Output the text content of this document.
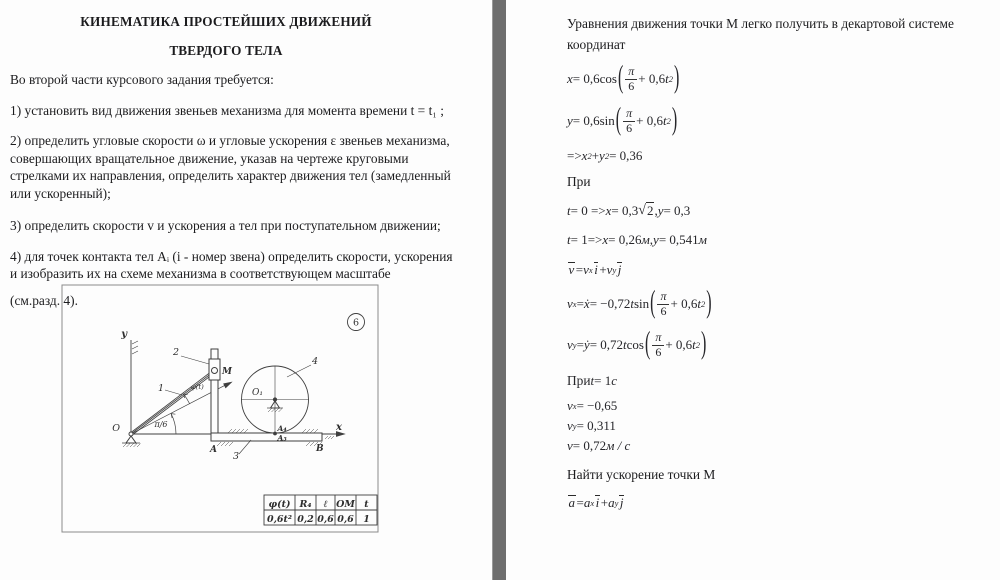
КИНЕМАТИКА ПРОСТЕЙШИХ ДВИЖЕНИЙ
ТВЕРДОГО ТЕЛА

Во второй части курсового задания требуется:

1) установить вид движения звеньев механизма для момента времени t = t₁ ;

2) определить угловые скорости ω и угловые ускорения ε звеньев механизма, совершающих вращательное движение, указав на чертеже круговыми стрелками их направления, определить характер движения тел (замедленный или ускоренный);

3) определить скорости v и ускорения а тел при поступательном движении;

4) для точек контакта тел Аᵢ (i - номер звена) определить скорости, ускорения и изобразить их на схеме механизма в соответствующем масштабе

(см.разд. 4).

6
y
x
O
1
2
3
4
M
O₁
A₄
A₃
A	B
φ(t)
π/6
φ(t) R₄ ℓ OM t
0,6t² 0,2 0,6 0,6 1

Уравнения движения точки М легко получить в декартовой системе координат

x = 0,6 cos ( $\frac{\pi}{6} + 0,6$ t 2 )
y = 0,6 sin ( $\frac{\pi}{6} + 0,6$ t 2 )
=> x 2 + y 2 = 0,36

При

t = 0 => x = 0,3 √ 2 , y = 0,3
t = 1=> x = 0,26 м , y = 0,541 м
v = v x i + v y j
v x = ẋ = −0,72 t sin ( $\frac{\pi}{6} + 0,6$ t 2 )
v y = ẏ = 0,72 t cos ( $\frac{\pi}{6} + 0,6$ t 2 )
При t = 1 c
v x = −0,65
v y = 0,311
v = 0,72 м / с

Найти ускорение точки М

a = a x i + a y j
